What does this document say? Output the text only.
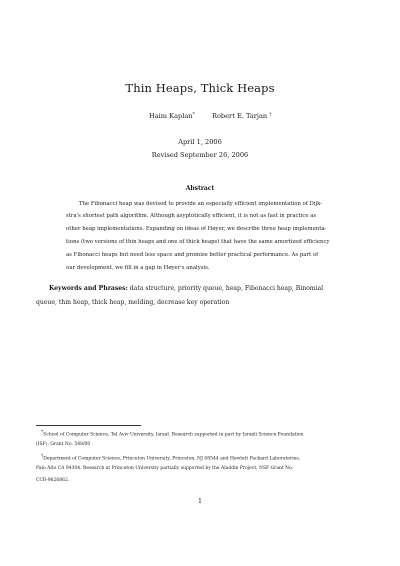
Thin Heaps, Thick Heaps
Haim Kaplan*	Robert E. Tarjan †
April 1, 2006
Revised September 26, 2006
Abstract
The Fibonacci heap was devised to provide an especially efficient implementation of Dijk-
stra's shortest path algorithm. Although asyptotically efficient, it is not as fast in practice as
other heap implementations. Expanding on ideas of Høyer, we describe three heap implementa-
tions (two versions of thin heaps and one of thick heaps) that have the same amortized efficiency
as Fibonacci heaps but need less space and promise better practical performance. As part of
our development, we fill in a gap in Høyer's analysis.
Keywords and Phrases: data structure, priority queue, heap, Fibonacci heap, Binomial
queue, thin heap, thick heap, melding, decrease key operation
*School of Computer Science, Tel Aviv University, Israel. Research supported in part by Israeli Science Foundation
(ISF), Grant No. 548/00
†Department of Computer Science, Princeton University, Princeton, NJ 08544 and Hewlett Packard Laboratories,
Palo Alto CA 94304. Research at Princeton University partially supported by the Aladdin Project, NSF Grant No.
CCR-9626862.
1
